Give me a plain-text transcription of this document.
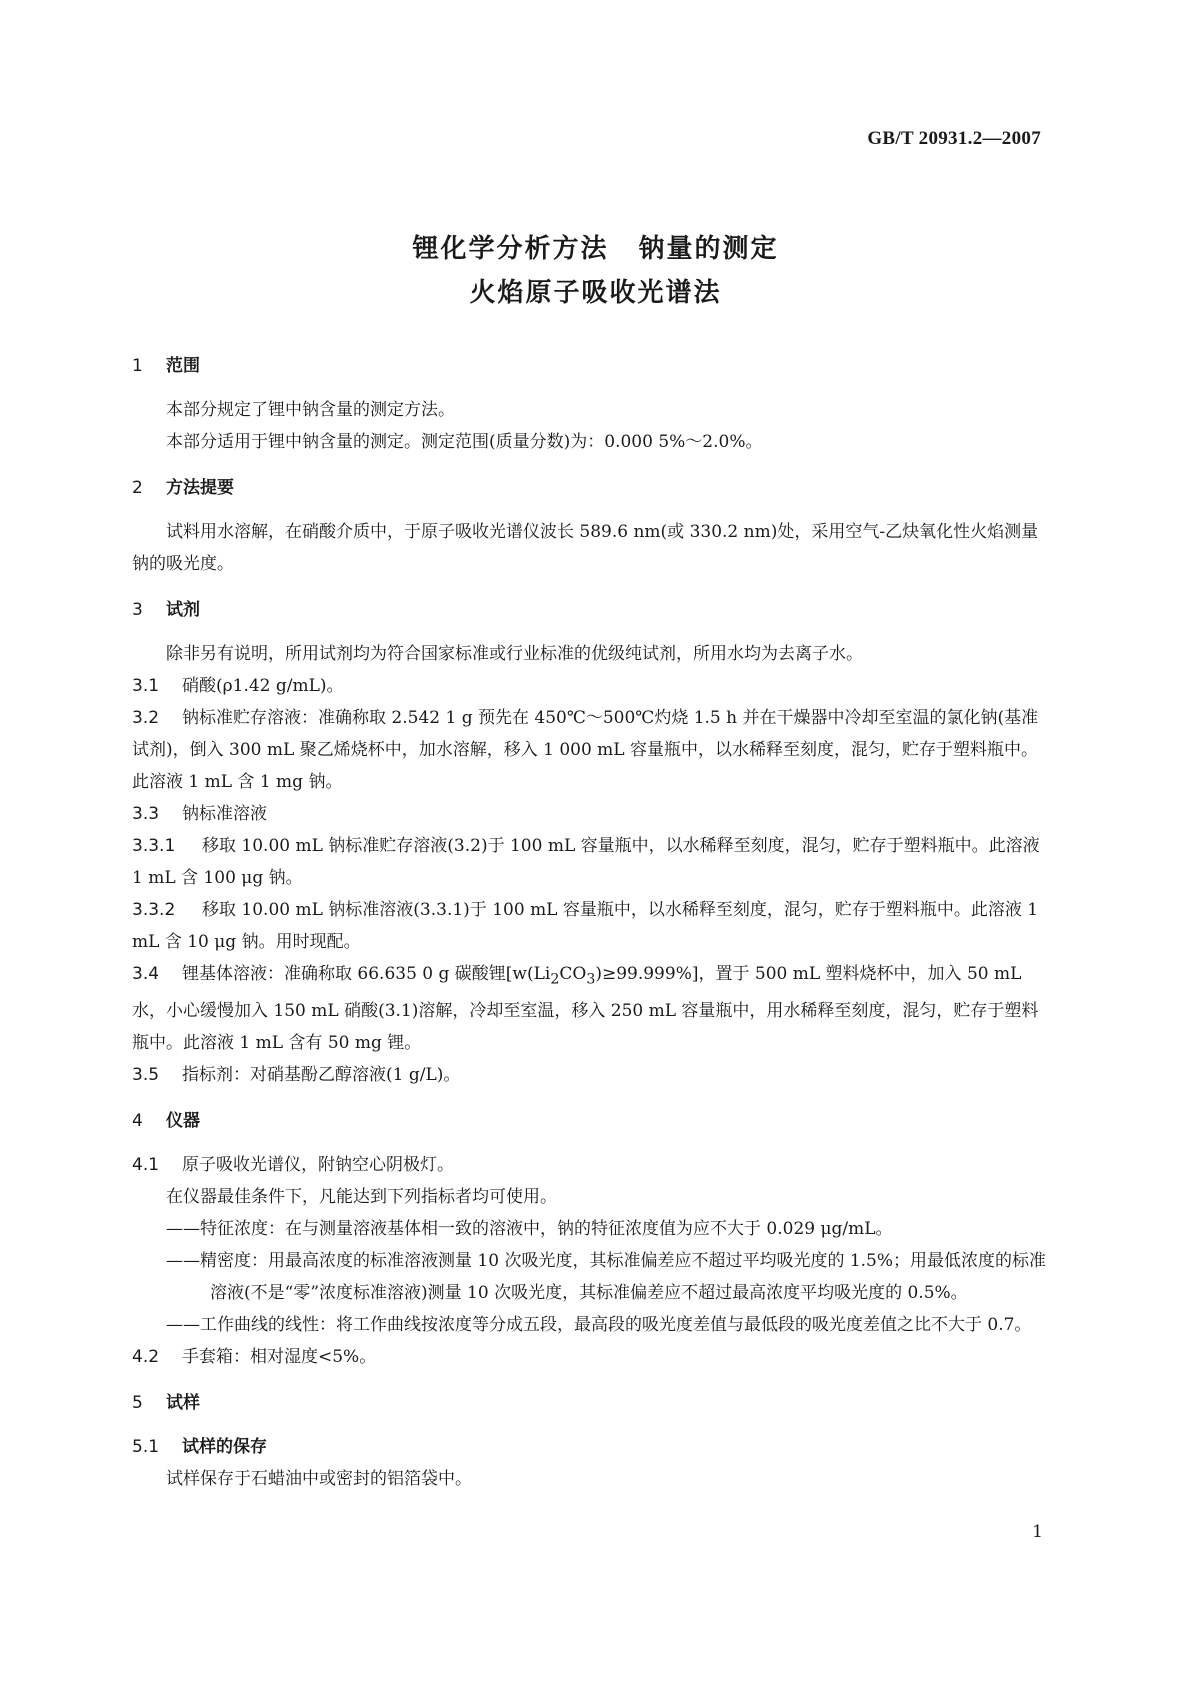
GB/T 20931.2—2007
锂化学分析方法 钠量的测定
火焰原子吸收光谱法

1 范围

本部分规定了锂中钠含量的测定方法。

本部分适用于锂中钠含量的测定。测定范围(质量分数)为：0.000 5%～2.0%。

2 方法提要

试料用水溶解，在硝酸介质中，于原子吸收光谱仪波长 589.6 nm(或 330.2 nm)处，采用空气-乙炔氧化性火焰测量钠的吸光度。

3 试剂

除非另有说明，所用试剂均为符合国家标准或行业标准的优级纯试剂，所用水均为去离子水。

3.1 硝酸(ρ1.42 g/mL)。

3.2 钠标准贮存溶液：准确称取 2.542 1 g 预先在 450℃～500℃灼烧 1.5 h 并在干燥器中冷却至室温的氯化钠(基准试剂)，倒入 300 mL 聚乙烯烧杯中，加水溶解，移入 1 000 mL 容量瓶中，以水稀释至刻度，混匀，贮存于塑料瓶中。此溶液 1 mL 含 1 mg 钠。

3.3 钠标准溶液

3.3.1 移取 10.00 mL 钠标准贮存溶液(3.2)于 100 mL 容量瓶中，以水稀释至刻度，混匀，贮存于塑料瓶中。此溶液 1 mL 含 100 μg 钠。

3.3.2 移取 10.00 mL 钠标准溶液(3.3.1)于 100 mL 容量瓶中，以水稀释至刻度，混匀，贮存于塑料瓶中。此溶液 1 mL 含 10 μg 钠。用时现配。

3.4 锂基体溶液：准确称取 66.635 0 g 碳酸锂$[w(Li_2CO_3)\ge 99.999\%]$，置于 500 mL 塑料烧杯中，加入 50 mL 水，小心缓慢加入 150 mL 硝酸(3.1)溶解，冷却至室温，移入 250 mL 容量瓶中，用水稀释至刻度，混匀，贮存于塑料瓶中。此溶液 1 mL 含有 50 mg 锂。

3.5 指标剂：对硝基酚乙醇溶液(1 g/L)。

4 仪器

4.1 原子吸收光谱仪，附钠空心阴极灯。

在仪器最佳条件下，凡能达到下列指标者均可使用。

——特征浓度：在与测量溶液基体相一致的溶液中，钠的特征浓度值为应不大于 0.029 μg/mL。

——精密度：用最高浓度的标准溶液测量 10 次吸光度，其标准偏差应不超过平均吸光度的 1.5%；用最低浓度的标准溶液(不是“零”浓度标准溶液)测量 10 次吸光度，其标准偏差应不超过最高浓度平均吸光度的 0.5%。

——工作曲线的线性：将工作曲线按浓度等分成五段，最高段的吸光度差值与最低段的吸光度差值之比不大于 0.7。

4.2 手套箱：相对湿度<5%。

5 试样

5.1 试样的保存

试样保存于石蜡油中或密封的铝箔袋中。

1
